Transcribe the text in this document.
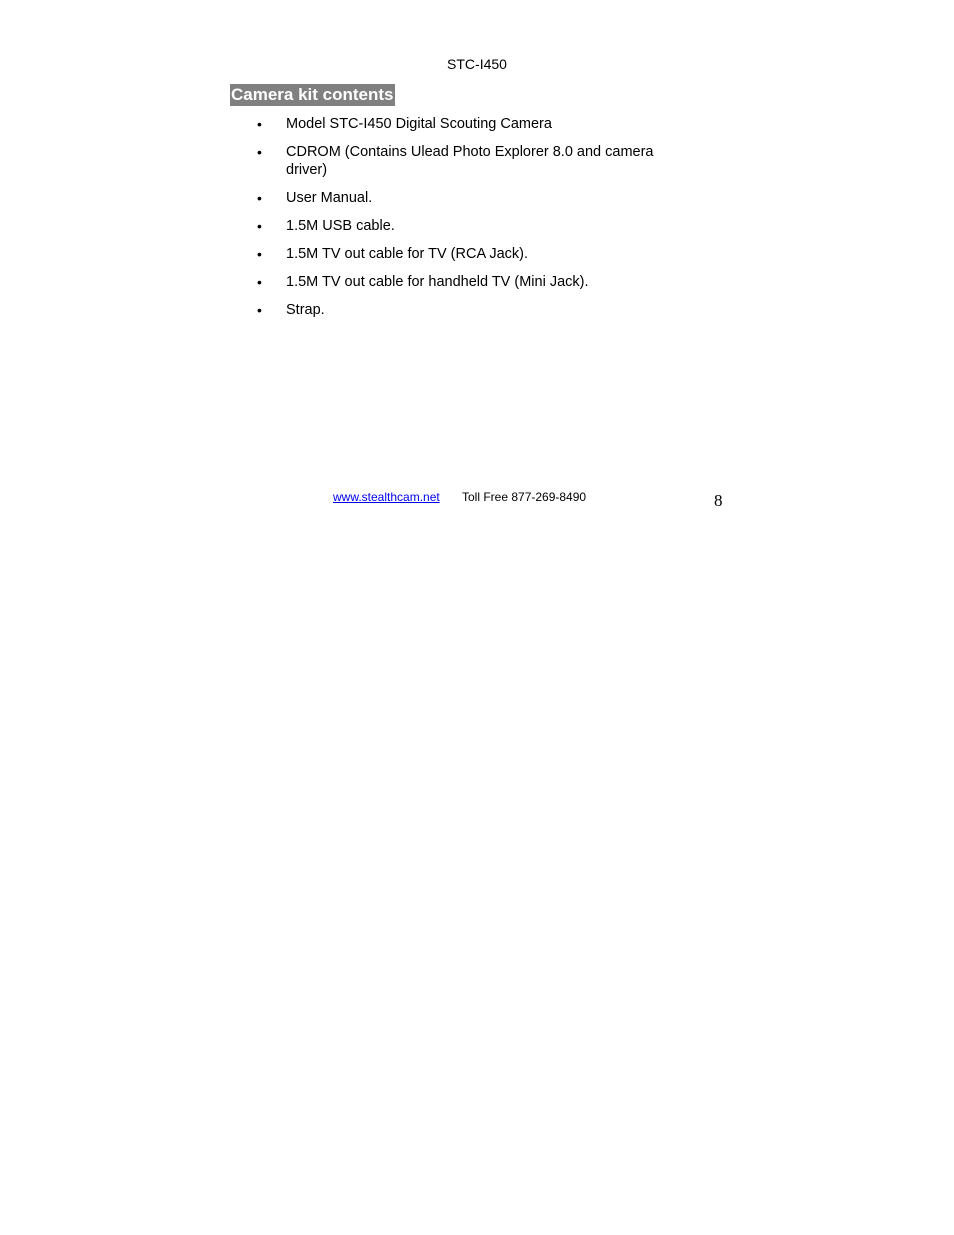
STC-I450
Camera kit contents
• Model STC-I450 Digital Scouting Camera
• CDROM (Contains Ulead Photo Explorer 8.0 and camera driver)
• User Manual.
• 1.5M USB cable.
• 1.5M TV out cable for TV (RCA Jack).
• 1.5M TV out cable for handheld TV (Mini Jack).
• Strap.
www.stealthcam.net Toll Free 877-269-8490	8
